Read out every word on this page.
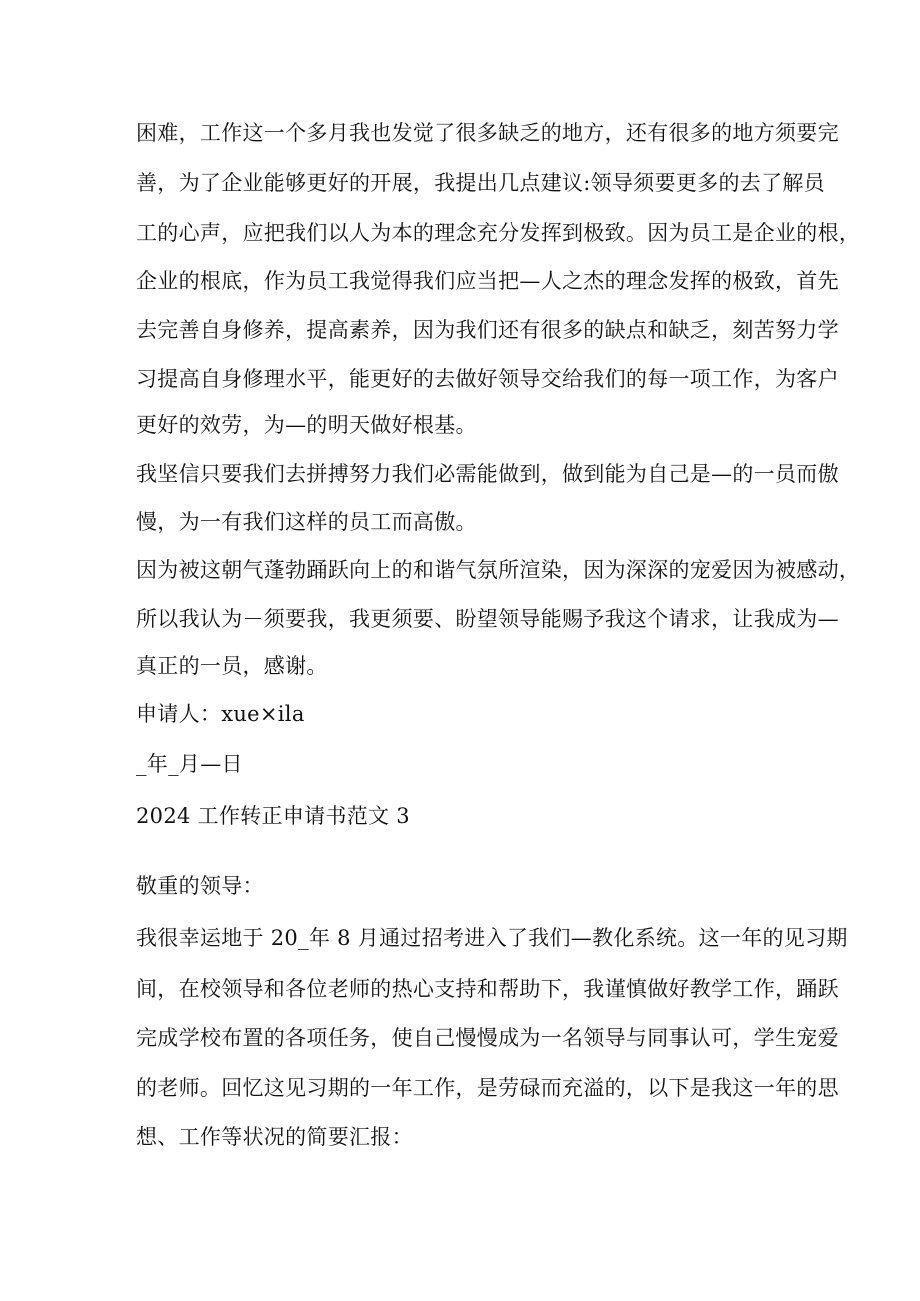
困难，工作这一个多月我也发觉了很多缺乏的地方，还有很多的地方须要完
善，为了企业能够更好的开展，我提出几点建议:领导须要更多的去了解员
工的心声，应把我们以人为本的理念充分发挥到极致。因为员工是企业的根，
企业的根底，作为员工我觉得我们应当把—人之杰的理念发挥的极致，首先
去完善自身修养，提高素养，因为我们还有很多的缺点和缺乏，刻苦努力学
习提高自身修理水平，能更好的去做好领导交给我们的每一项工作，为客户
更好的效劳，为—的明天做好根基。
我坚信只要我们去拼搏努力我们必需能做到，做到能为自己是—的一员而傲
慢，为一有我们这样的员工而高傲。
因为被这朝气蓬勃踊跃向上的和谐气氛所渲染，因为深深的宠爱因为被感动，
所以我认为－须要我，我更须要、盼望领导能赐予我这个请求，让我成为—
真正的一员，感谢。
申请人：xue×ila
_年_月—日
2024 工作转正申请书范文 3
敬重的领导：
我很幸运地于 20_年 8 月通过招考进入了我们—教化系统。这一年的见习期
间，在校领导和各位老师的热心支持和帮助下，我谨慎做好教学工作，踊跃
完成学校布置的各项任务，使自己慢慢成为一名领导与同事认可，学生宠爱
的老师。回忆这见习期的一年工作，是劳碌而充溢的，以下是我这一年的思
想、工作等状况的简要汇报：
